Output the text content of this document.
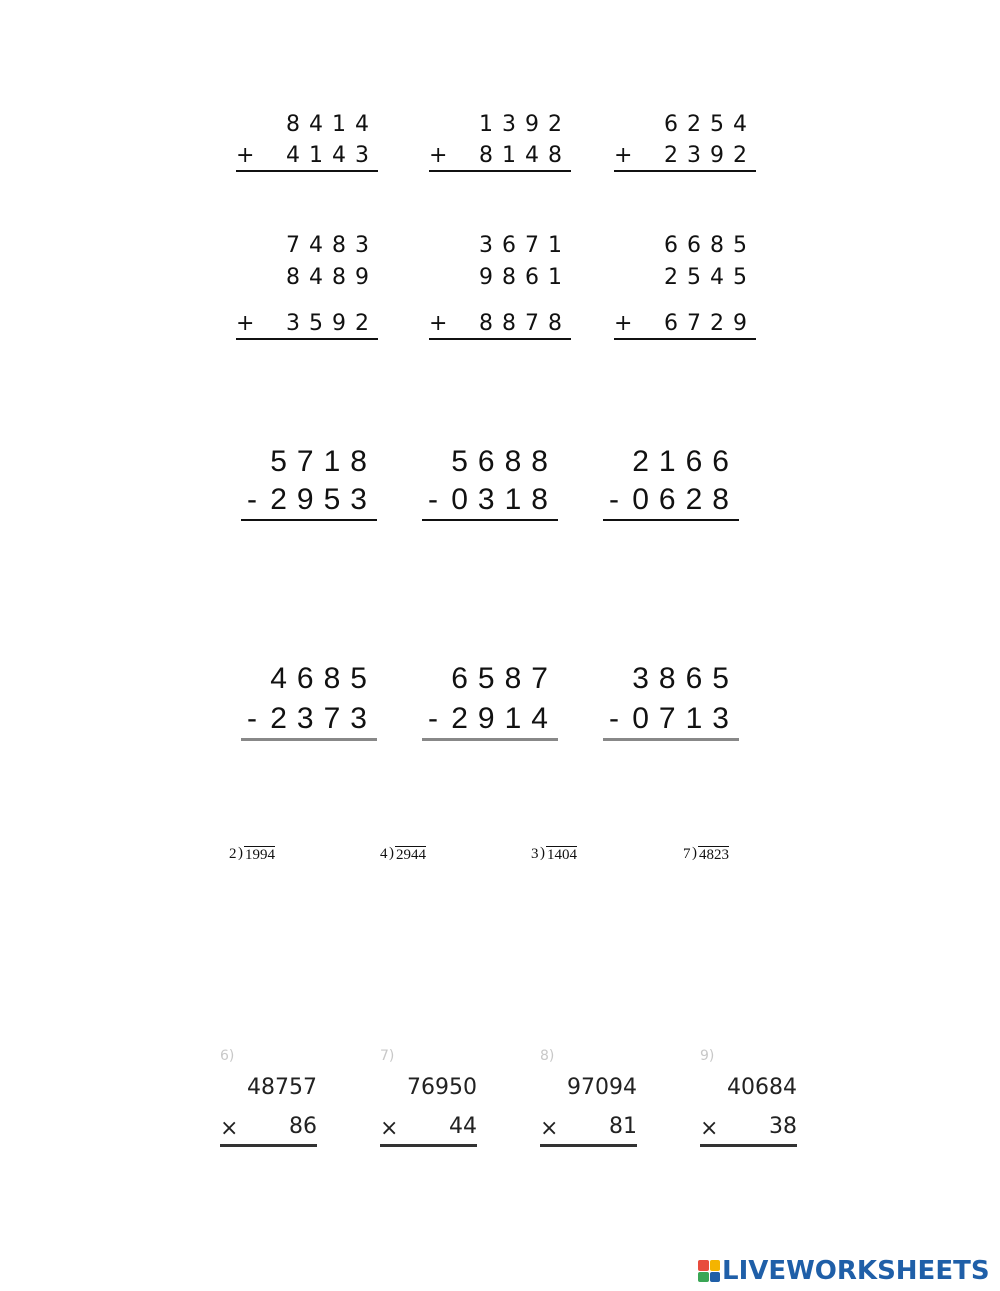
8414
+ 4143
1392
+ 8148
6254
+ 2392
7483
8489
+ 3592
3671
9861
+ 8878
6685
2545
+ 6729
5718
- 2953
5688
- 0318
2166
- 0628
4685
- 2373
6587
- 2914
3865
- 0713
2 ) 1994	4 ) 2944	3 ) 1404	7 ) 4823
6)
48757
× 86
7)
76950
× 44
8)
97094
× 81
9)
40684
× 38
LIVEWORKSHEETS
